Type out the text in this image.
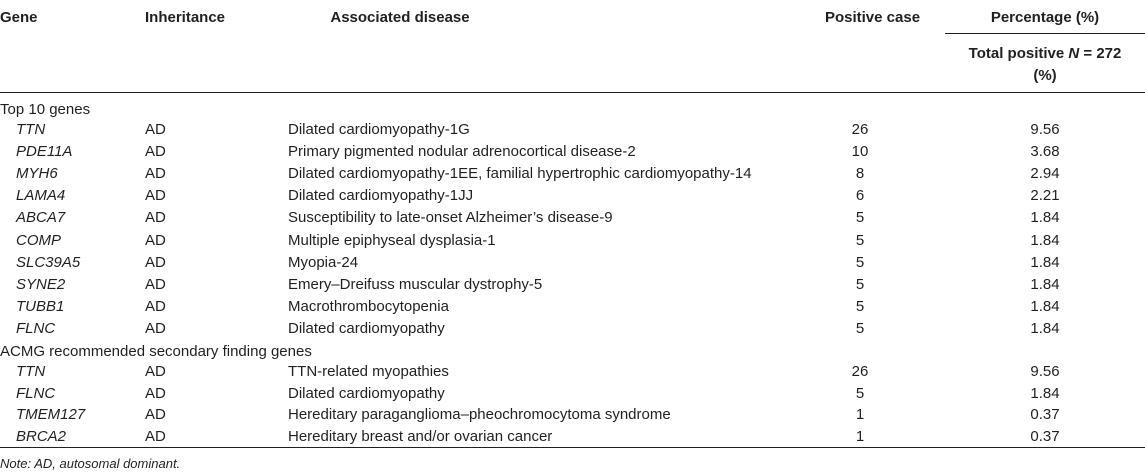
Gene	Inheritance	Associated disease	Positive case	Percentage (%)
Total positive N = 272
(%)
Top 10 genes
TTN	AD	Dilated cardiomyopathy-1G	26	9.56
PDE11A	AD	Primary pigmented nodular adrenocortical disease-2	10	3.68
MYH6	AD	Dilated cardiomyopathy-1EE, familial hypertrophic cardiomyopathy-14	8	2.94
LAMA4	AD	Dilated cardiomyopathy-1JJ	6	2.21
ABCA7	AD	Susceptibility to late-onset Alzheimer’s disease-9	5	1.84
COMP	AD	Multiple epiphyseal dysplasia-1	5	1.84
SLC39A5	AD	Myopia-24	5	1.84
SYNE2	AD	Emery–Dreifuss muscular dystrophy-5	5	1.84
TUBB1	AD	Macrothrombocytopenia	5	1.84
FLNC	AD	Dilated cardiomyopathy	5	1.84
ACMG recommended secondary finding genes
TTN	AD	TTN-related myopathies	26	9.56
FLNC	AD	Dilated cardiomyopathy	5	1.84
TMEM127	AD	Hereditary paraganglioma–pheochromocytoma syndrome	1	0.37
BRCA2	AD	Hereditary breast and/or ovarian cancer	1	0.37
Note: AD, autosomal dominant.
